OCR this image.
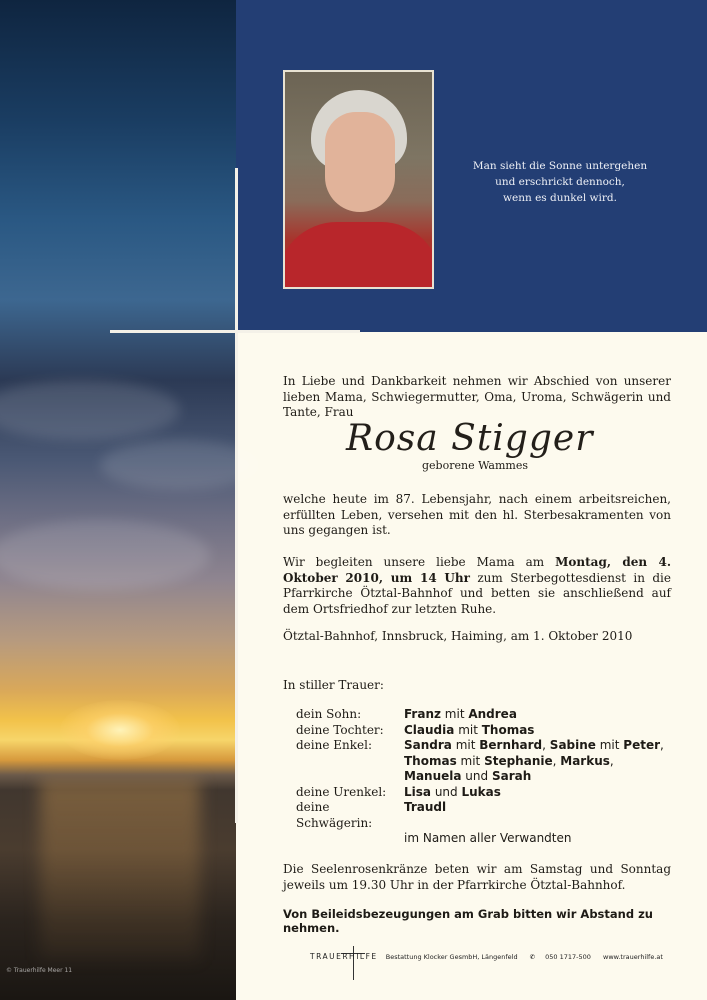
© Trauerhilfe Meer 11
Man sieht die Sonne untergehen
und erschrickt dennoch,
wenn es dunkel wird.

In Liebe und Dankbarkeit nehmen wir Abschied von unserer lieben Mama, Schwiegermutter, Oma, Uroma, Schwägerin und Tante, Frau

Rosa Stigger
geborene Wammes
welche heute im 87. Lebensjahr, nach einem arbeitsreichen, erfüllten Leben, versehen mit den hl. Sterbesakramenten von uns gegangen ist.
Wir begleiten unsere liebe Mama am Montag, den 4. Oktober 2010, um 14 Uhr zum Sterbegottesdienst in die Pfarrkirche Ötztal-Bahnhof und betten sie anschließend auf dem Ortsfriedhof zur letzten Ruhe.
Ötztal-Bahnhof, Innsbruck, Haiming, am 1. Oktober 2010
In stiller Trauer:
dein Sohn:	Franz mit Andrea
deine Tochter:	Claudia mit Thomas
deine Enkel:	Sandra mit Bernhard, Sabine mit Peter,
Thomas mit Stephanie, Markus,
Manuela und Sarah
deine Urenkel:	Lisa und Lukas
deine Schwägerin:
Traudl
im Namen aller Verwandten
Die Seelenrosenkränze beten wir am Samstag und Sonntag jeweils um 19.30 Uhr in der Pfarrkirche Ötztal-Bahnhof.
Von Beileidsbezeugungen am Grab bitten wir Abstand zu nehmen.
TRAUERHILFE Bestattung Klocker GesmbH, Längenfeld ✆ 050 1717-500 www.trauerhilfe.at
